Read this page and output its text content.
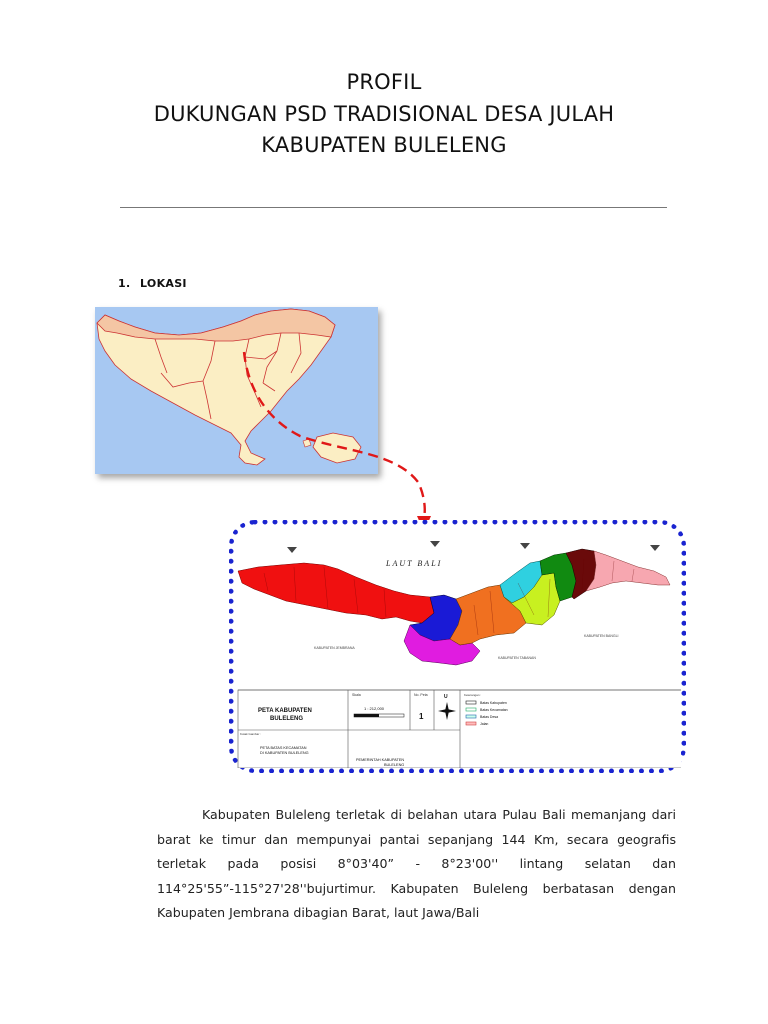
PROFIL
DUKUNGAN PSD TRADISIONAL DESA JULAH
KABUPATEN BULELENG
1. LOKASI
LAUT BALI
KABUPATEN JEMBRANA
KABUPATEN TABANAN
KABUPATEN BANGLI
PETA KABUPATEN
BULELENG
Skala
1 : 212,000
No. Peta
1
U
Kotak Gambar :
PETA BATAS KECAMATAN
DI KABUPATEN BULELENG
PEMERINTAH KABUPATEN
BULELENG
Keterangan :
Batas Kabupaten
Batas Kecamatan
Batas Desa
Jalan

Kabupaten Buleleng terletak di belahan utara Pulau Bali memanjang dari barat ke timur dan mempunyai pantai sepanjang 144 Km, secara geografis terletak pada posisi 8°03'40” - 8°23'00'' lintang selatan dan 114°25'55”-115°27'28''bujurtimur. Kabupaten Buleleng berbatasan dengan Kabupaten Jembrana dibagian Barat, laut Jawa/Bali
